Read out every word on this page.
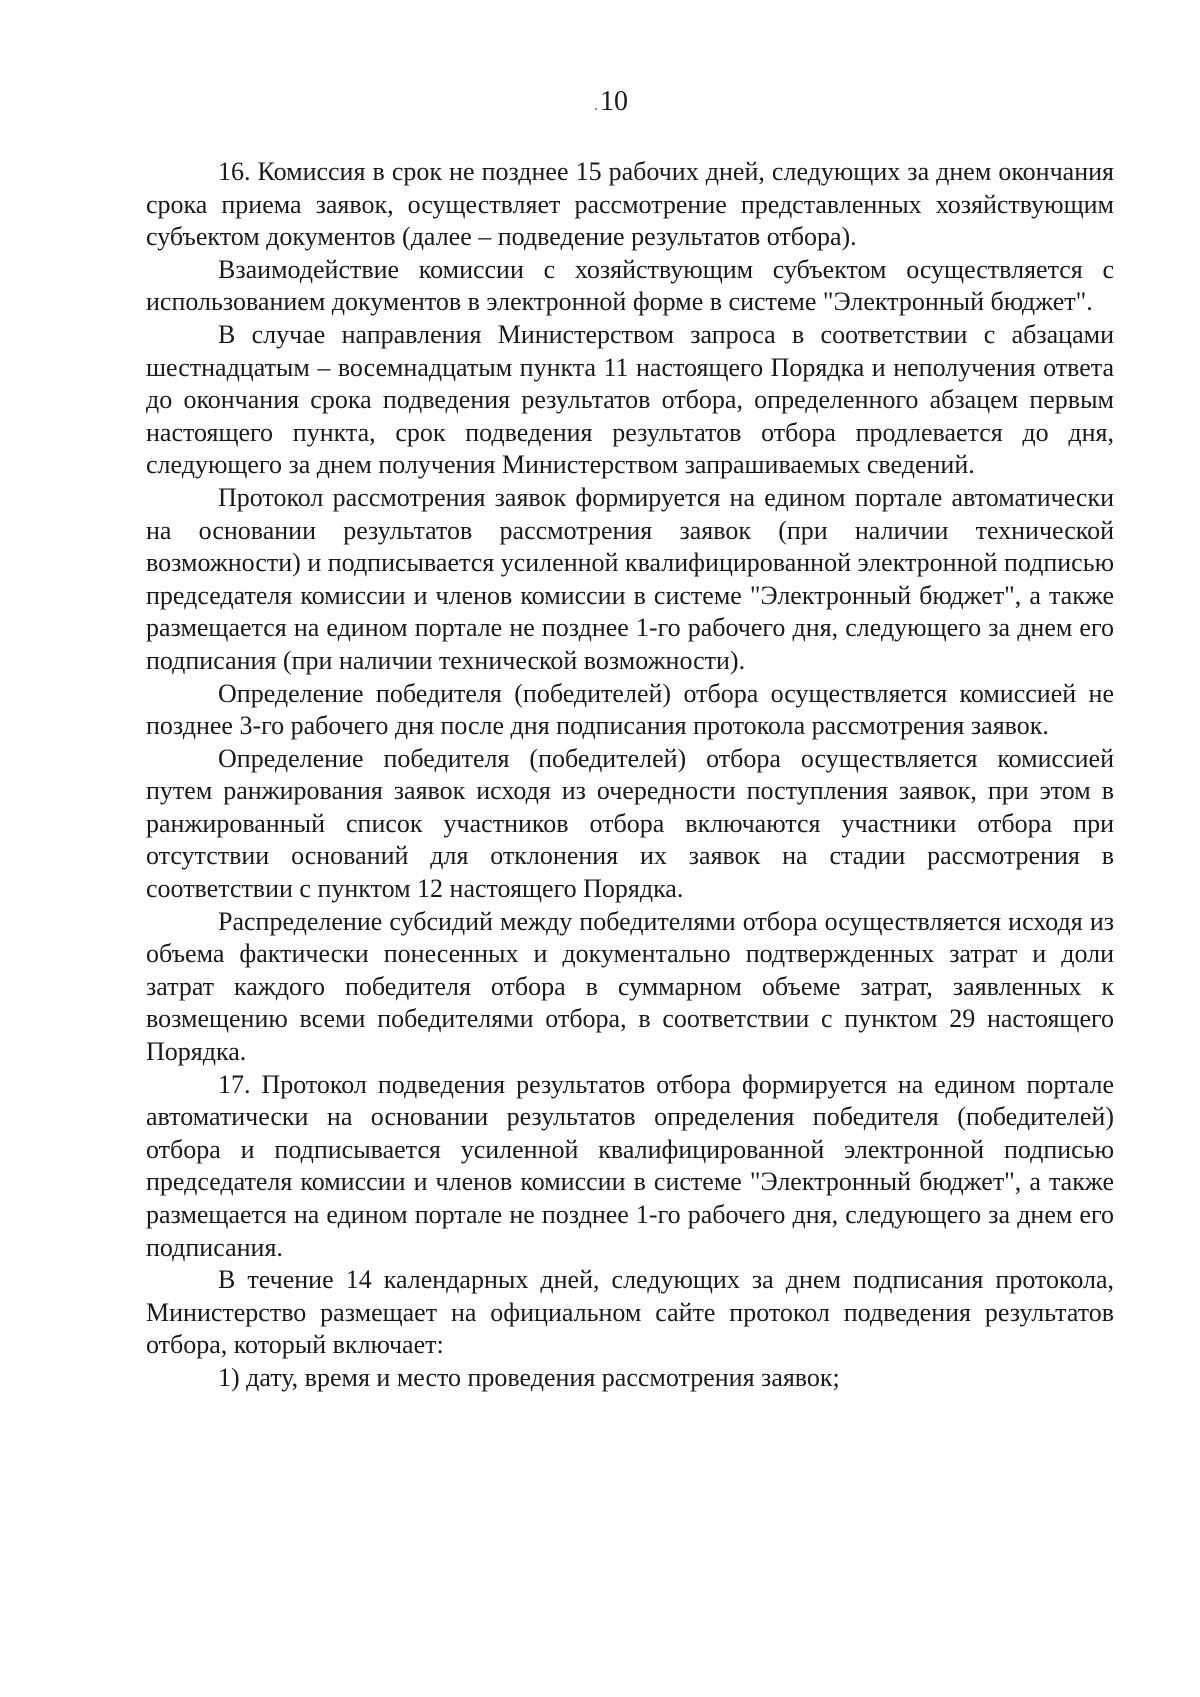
. 10

16. Комиссия в срок не позднее 15 рабочих дней, следующих за днем окончания срока приема заявок, осуществляет рассмотрение представленных хозяйствующим субъектом документов (далее – подведение результатов отбора).

Взаимодействие комиссии с хозяйствующим субъектом осуществляется с использованием документов в электронной форме в системе "Электронный бюджет".

В случае направления Министерством запроса в соответствии с абзацами шестнадцатым – восемнадцатым пункта 11 настоящего Порядка и неполучения ответа до окончания срока подведения результатов отбора, определенного абзацем первым настоящего пункта, срок подведения результатов отбора продлевается до дня, следующего за днем получения Министерством запрашиваемых сведений.

Протокол рассмотрения заявок формируется на едином портале автоматически на основании результатов рассмотрения заявок (при наличии технической возможности) и подписывается усиленной квалифицированной электронной подписью председателя комиссии и членов комиссии в системе "Электронный бюджет", а также размещается на едином портале не позднее 1-го рабочего дня, следующего за днем его подписания (при наличии технической возможности).

Определение победителя (победителей) отбора осуществляется комиссией не позднее 3-го рабочего дня после дня подписания протокола рассмотрения заявок.

Определение победителя (победителей) отбора осуществляется комиссией путем ранжирования заявок исходя из очередности поступления заявок, при этом в ранжированный список участников отбора включаются участники отбора при отсутствии оснований для отклонения их заявок на стадии рассмотрения в соответствии с пунктом 12 настоящего Порядка.

Распределение субсидий между победителями отбора осуществляется исходя из объема фактически понесенных и документально подтвержденных затрат и доли затрат каждого победителя отбора в суммарном объеме затрат, заявленных к возмещению всеми победителями отбора, в соответствии с пунктом 29 настоящего Порядка.

17. Протокол подведения результатов отбора формируется на едином портале автоматически на основании результатов определения победителя (победителей) отбора и подписывается усиленной квалифицированной электронной подписью председателя комиссии и членов комиссии в системе "Электронный бюджет", а также размещается на едином портале не позднее 1-го рабочего дня, следующего за днем его подписания.

В течение 14 календарных дней, следующих за днем подписания протокола, Министерство размещает на официальном сайте протокол подведения результатов отбора, который включает:

1) дату, время и место проведения рассмотрения заявок;
